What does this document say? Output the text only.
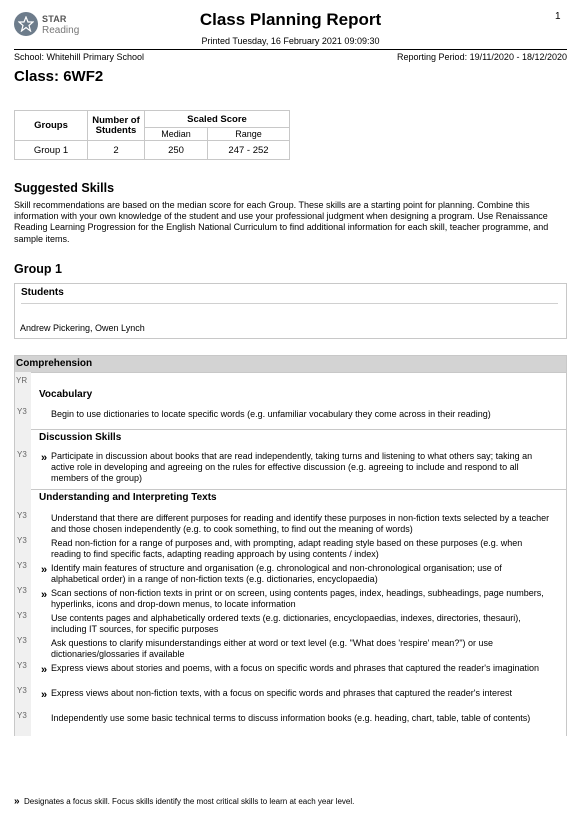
STAR
Reading
Class Planning Report	1
Printed Tuesday, 16 February 2021 09:09:30
School: Whitehill Primary School	Reporting Period: 19/11/2020 - 18/12/2020
Class: 6WF2
Groups	Number of Students	Scaled Score	
		Median	Range
Group 1	2	250	247 - 252
Suggested Skills
Skill recommendations are based on the median score for each Group. These skills are a starting point for planning. Combine this information with your own knowledge of the student and use your professional judgment when designing a program. Use Renaissance Reading Learning Progression for the English National Curriculum to find additional information for each skill, teacher programme, and sample items.
Group 1
Students
Andrew Pickering, Owen Lynch
Comprehension
YR
Vocabulary
Y3	Begin to use dictionaries to locate specific words (e.g. unfamiliar vocabulary they come across in their reading)
Discussion Skills
Y3 » Participate in discussion about books that are read independently, taking turns and listening to what others say; taking an active role in developing and agreeing on the rules for effective discussion (e.g. agreeing to include and respond to all members of the group)
Understanding and Interpreting Texts
Y3	Understand that there are different purposes for reading and identify these purposes in non-fiction texts selected by a teacher and those chosen independently (e.g. to cook something, to find out the meaning of words)
Y3	Read non-fiction for a range of purposes and, with prompting, adapt reading style based on these purposes (e.g. when reading to find specific facts, adapting reading approach by using contents / index)
Y3 » Identify main features of structure and organisation (e.g. chronological and non-chronological organisation; use of alphabetical order) in a range of non-fiction texts (e.g. dictionaries, encyclopaedia)
Y3 » Scan sections of non-fiction texts in print or on screen, using contents pages, index, headings, subheadings, page numbers, hyperlinks, icons and drop-down menus, to locate information
Y3	Use contents pages and alphabetically ordered texts (e.g. dictionaries, encyclopaedias, indexes, directories, thesauri), including IT sources, for specific purposes
Y3	Ask questions to clarify misunderstandings either at word or text level (e.g. "What does 'respire' mean?") or use dictionaries/glossaries if available
Y3 » Express views about stories and poems, with a focus on specific words and phrases that captured the reader's imagination
Y3 » Express views about non-fiction texts, with a focus on specific words and phrases that captured the reader's interest
Y3	Independently use some basic technical terms to discuss information books (e.g. heading, chart, table, table of contents)
» Designates a focus skill. Focus skills identify the most critical skills to learn at each year level.
